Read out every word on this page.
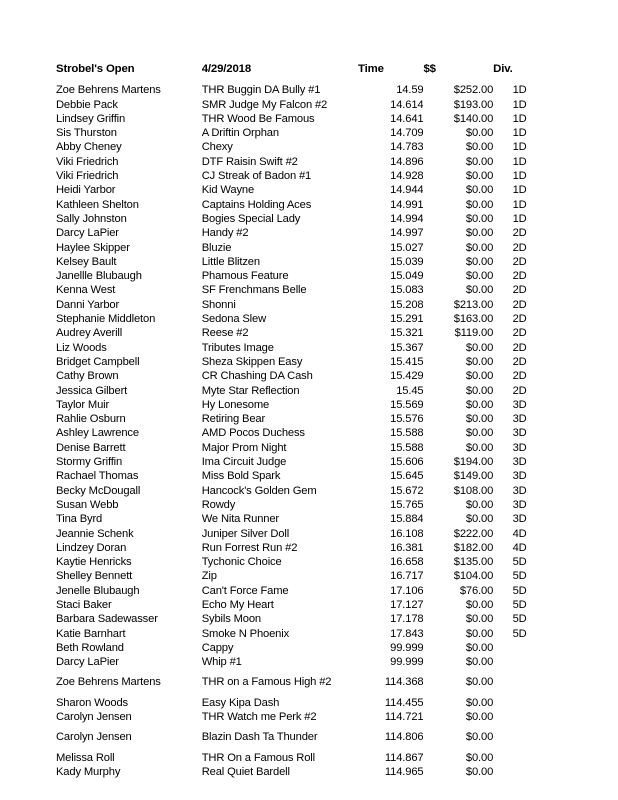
Strobel's Open	4/29/2018	Time	$$	Div.
Zoe Behrens Martens	THR Buggin DA Bully #1	14.59	$252.00	1D
Debbie Pack	SMR Judge My Falcon #2	14.614	$193.00	1D
Lindsey Griffin	THR Wood Be Famous	14.641	$140.00	1D
Sis Thurston	A Driftin Orphan	14.709	$0.00	1D
Abby Cheney	Chexy	14.783	$0.00	1D
Viki Friedrich	DTF Raisin Swift #2	14.896	$0.00	1D
Viki Friedrich	CJ Streak of Badon #1	14.928	$0.00	1D
Heidi Yarbor	Kid Wayne	14.944	$0.00	1D
Kathleen Shelton	Captains Holding Aces	14.991	$0.00	1D
Sally Johnston	Bogies Special Lady	14.994	$0.00	1D
Darcy LaPier	Handy #2	14.997	$0.00	2D
Haylee Skipper	Bluzie	15.027	$0.00	2D
Kelsey Bault	Little Blitzen	15.039	$0.00	2D
Janellle Blubaugh	Phamous Feature	15.049	$0.00	2D
Kenna West	SF Frenchmans Belle	15.083	$0.00	2D
Danni Yarbor	Shonni	15.208	$213.00	2D
Stephanie Middleton	Sedona Slew	15.291	$163.00	2D
Audrey Averill	Reese #2	15.321	$119.00	2D
Liz Woods	Tributes Image	15.367	$0.00	2D
Bridget Campbell	Sheza Skippen Easy	15.415	$0.00	2D
Cathy Brown	CR Chashing DA Cash	15.429	$0.00	2D
Jessica Gilbert	Myte Star Reflection	15.45	$0.00	2D
Taylor Muir	Hy Lonesome	15.569	$0.00	3D
Rahlie Osburn	Retiring Bear	15.576	$0.00	3D
Ashley Lawrence	AMD Pocos Duchess	15.588	$0.00	3D
Denise Barrett	Major Prom Night	15.588	$0.00	3D
Stormy Griffin	Ima Circuit Judge	15.606	$194.00	3D
Rachael Thomas	Miss Bold Spark	15.645	$149.00	3D
Becky McDougall	Hancock's Golden Gem	15.672	$108.00	3D
Susan Webb	Rowdy	15.765	$0.00	3D
Tina Byrd	We Nita Runner	15.884	$0.00	3D
Jeannie Schenk	Juniper Silver Doll	16.108	$222.00	4D
Lindzey Doran	Run Forrest Run #2	16.381	$182.00	4D
Kaytie Henricks	Tychonic Choice	16.658	$135.00	5D
Shelley Bennett	Zip	16.717	$104.00	5D
Jenelle Blubaugh	Can't Force Fame	17.106	$76.00	5D
Staci Baker	Echo My Heart	17.127	$0.00	5D
Barbara Sadewasser	Sybils Moon	17.178	$0.00	5D
Katie Barnhart	Smoke N Phoenix	17.843	$0.00	5D
Beth Rowland	Cappy	99.999	$0.00	
Darcy LaPier	Whip #1	99.999	$0.00	
Zoe Behrens Martens	THR on a Famous High #2	114.368	$0.00	
Sharon Woods	Easy Kipa Dash	114.455	$0.00	
Carolyn Jensen	THR Watch me Perk #2	114.721	$0.00	
Carolyn Jensen	Blazin Dash Ta Thunder	114.806	$0.00	
Melissa Roll	THR On a Famous Roll	114.867	$0.00	
Kady Murphy	Real Quiet Bardell	114.965	$0.00	
